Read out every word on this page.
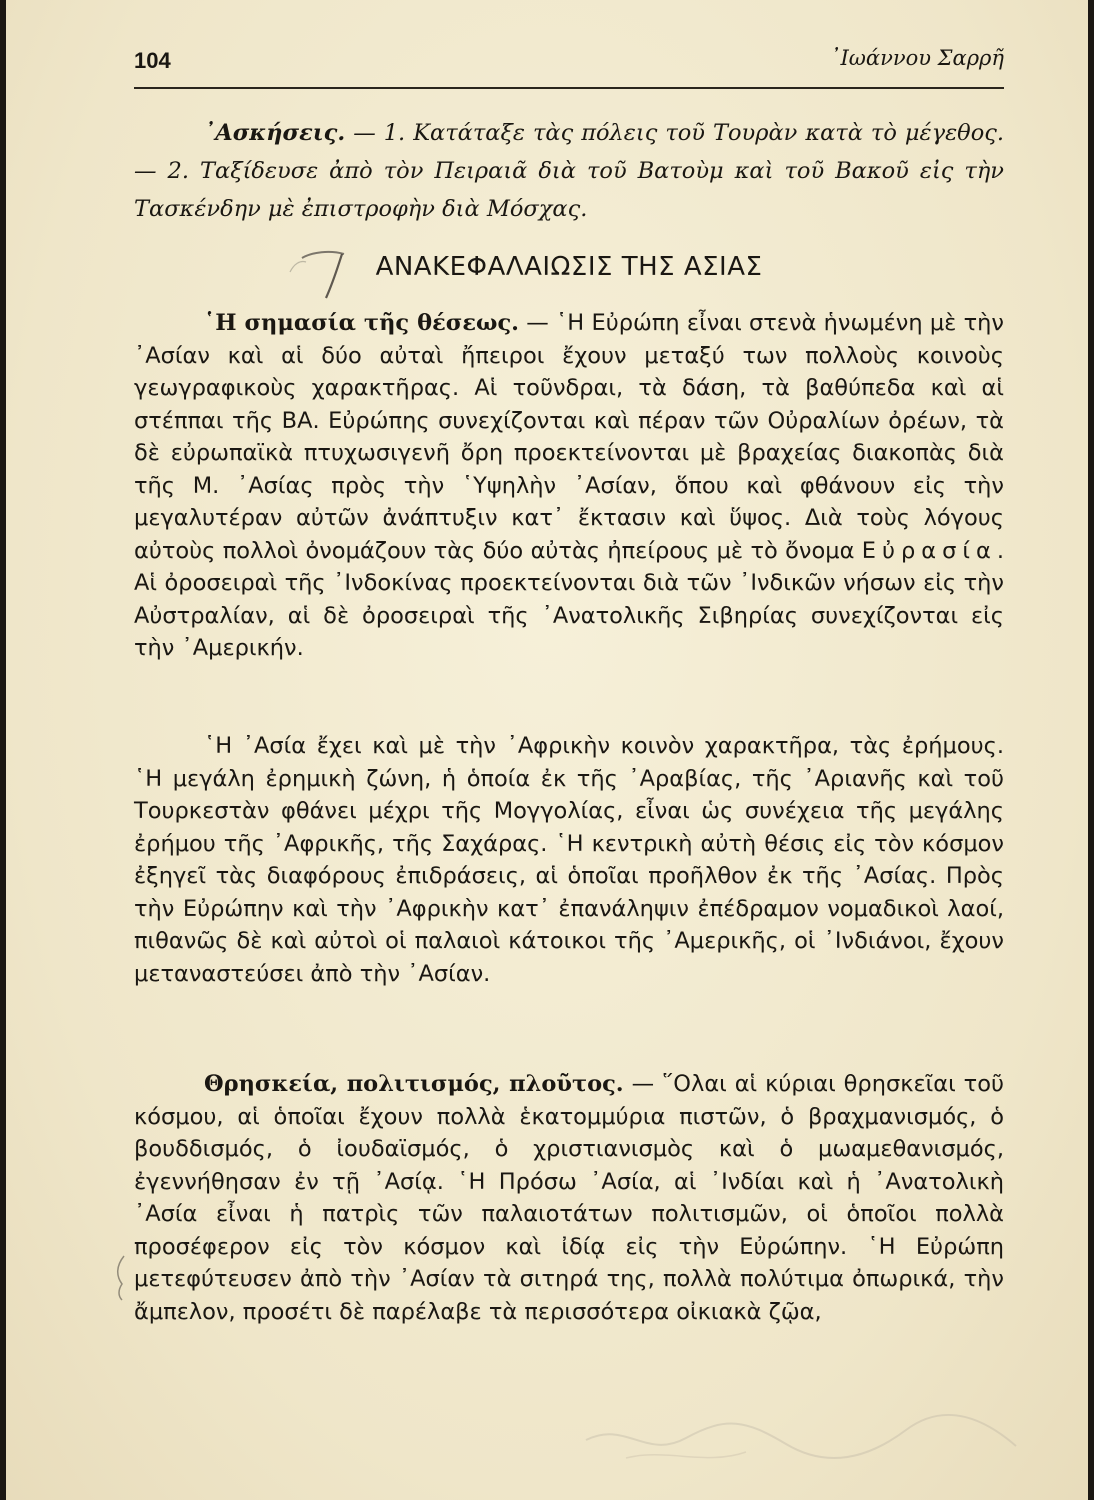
104	᾿Ιωάννου Σαρρῆ
᾿Ασκήσεις. — 1. Κατάταξε τὰς πόλεις τοῦ Τουρὰν κατὰ τὸ μέγεθος. — 2. Ταξίδευσε ἀπὸ τὸν Πειραιᾶ διὰ τοῦ Βατοὺμ καὶ τοῦ Βακοῦ εἰς τὴν Τασκένδην μὲ ἐπιστροφὴν διὰ Μόσχας.
ΑΝΑΚΕΦΑΛΑΙΩΣΙΣ ΤΗΣ ΑΣΙΑΣ
῾Η σημασία τῆς θέσεως. — ῾Η Εὐρώπη εἶναι στενὰ ἡνωμένη μὲ τὴν ᾿Ασίαν καὶ αἱ δύο αὐταὶ ἤπειροι ἔχουν μεταξύ των πολλοὺς κοινοὺς γεωγραφικοὺς χαρακτῆρας. Αἱ τοῦνδραι, τὰ δάση, τὰ βαθύπεδα καὶ αἱ στέππαι τῆς ΒΑ. Εὐρώπης συνεχίζονται καὶ πέραν τῶν Οὐραλίων ὀρέων, τὰ δὲ εὐρωπαϊκὰ πτυχωσιγενῆ ὄρη προεκτείνονται μὲ βραχείας διακοπὰς διὰ τῆς Μ. ᾿Ασίας πρὸς τὴν ῾Υψηλὴν ᾿Ασίαν, ὅπου καὶ φθάνουν εἰς τὴν μεγαλυτέραν αὐτῶν ἀνάπτυξιν κατ᾿ ἔκτασιν καὶ ὕψος. Διὰ τοὺς λόγους αὐτοὺς πολλοὶ ὀνομάζουν τὰς δύο αὐτὰς ἠπείρους μὲ τὸ ὄνομα Εὐρασία. Αἱ ὀροσειραὶ τῆς ᾿Ινδοκίνας προεκτείνονται διὰ τῶν ᾿Ινδικῶν νήσων εἰς τὴν Αὐστραλίαν, αἱ δὲ ὀροσειραὶ τῆς ᾿Ανατολικῆς Σιβηρίας συνεχίζονται εἰς τὴν ᾿Αμερικήν.
῾Η ᾿Ασία ἔχει καὶ μὲ τὴν ᾿Αφρικὴν κοινὸν χαρακτῆρα, τὰς ἐρήμους. ῾Η μεγάλη ἐρημικὴ ζώνη, ἡ ὁποία ἐκ τῆς ᾿Αραβίας, τῆς ᾿Αριανῆς καὶ τοῦ Τουρκεστὰν φθάνει μέχρι τῆς Μογγολίας, εἶναι ὡς συνέχεια τῆς μεγάλης ἐρήμου τῆς ᾿Αφρικῆς, τῆς Σαχάρας. ῾Η κεντρικὴ αὐτὴ θέσις εἰς τὸν κόσμον ἐξηγεῖ τὰς διαφόρους ἐπιδράσεις, αἱ ὁποῖαι προῆλθον ἐκ τῆς ᾿Ασίας. Πρὸς τὴν Εὐρώπην καὶ τὴν ᾿Αφρικὴν κατ᾿ ἐπανάληψιν ἐπέδραμον νομαδικοὶ λαοί, πιθανῶς δὲ καὶ αὐτοὶ οἱ παλαιοὶ κάτοικοι τῆς ᾿Αμερικῆς, οἱ ᾿Ινδιάνοι, ἔχουν μεταναστεύσει ἀπὸ τὴν ᾿Ασίαν.
Θρησκεία, πολιτισμός, πλοῦτος. — ῞Ολαι αἱ κύριαι θρησκεῖαι τοῦ κόσμου, αἱ ὁποῖαι ἔχουν πολλὰ ἑκατομμύρια πιστῶν, ὁ βραχμανισμός, ὁ βουδδισμός, ὁ ἰουδαϊσμός, ὁ χριστιανισμὸς καὶ ὁ μωαμεθανισμός, ἐγεννήθησαν ἐν τῇ ᾿Ασίᾳ. ῾Η Πρόσω ᾿Ασία, αἱ ᾿Ινδίαι καὶ ἡ ᾿Ανατολικὴ ᾿Ασία εἶναι ἡ πατρὶς τῶν παλαιοτάτων πολιτισμῶν, οἱ ὁποῖοι πολλὰ προσέφερον εἰς τὸν κόσμον καὶ ἰδίᾳ εἰς τὴν Εὐρώπην. ῾Η Εὐρώπη μετεφύτευσεν ἀπὸ τὴν ᾿Ασίαν τὰ σιτηρά της, πολλὰ πολύτιμα ὀπωρικά, τὴν ἄμπελον, προσέτι δὲ παρέλαβε τὰ περισσότερα οἰκιακὰ ζῷα,
